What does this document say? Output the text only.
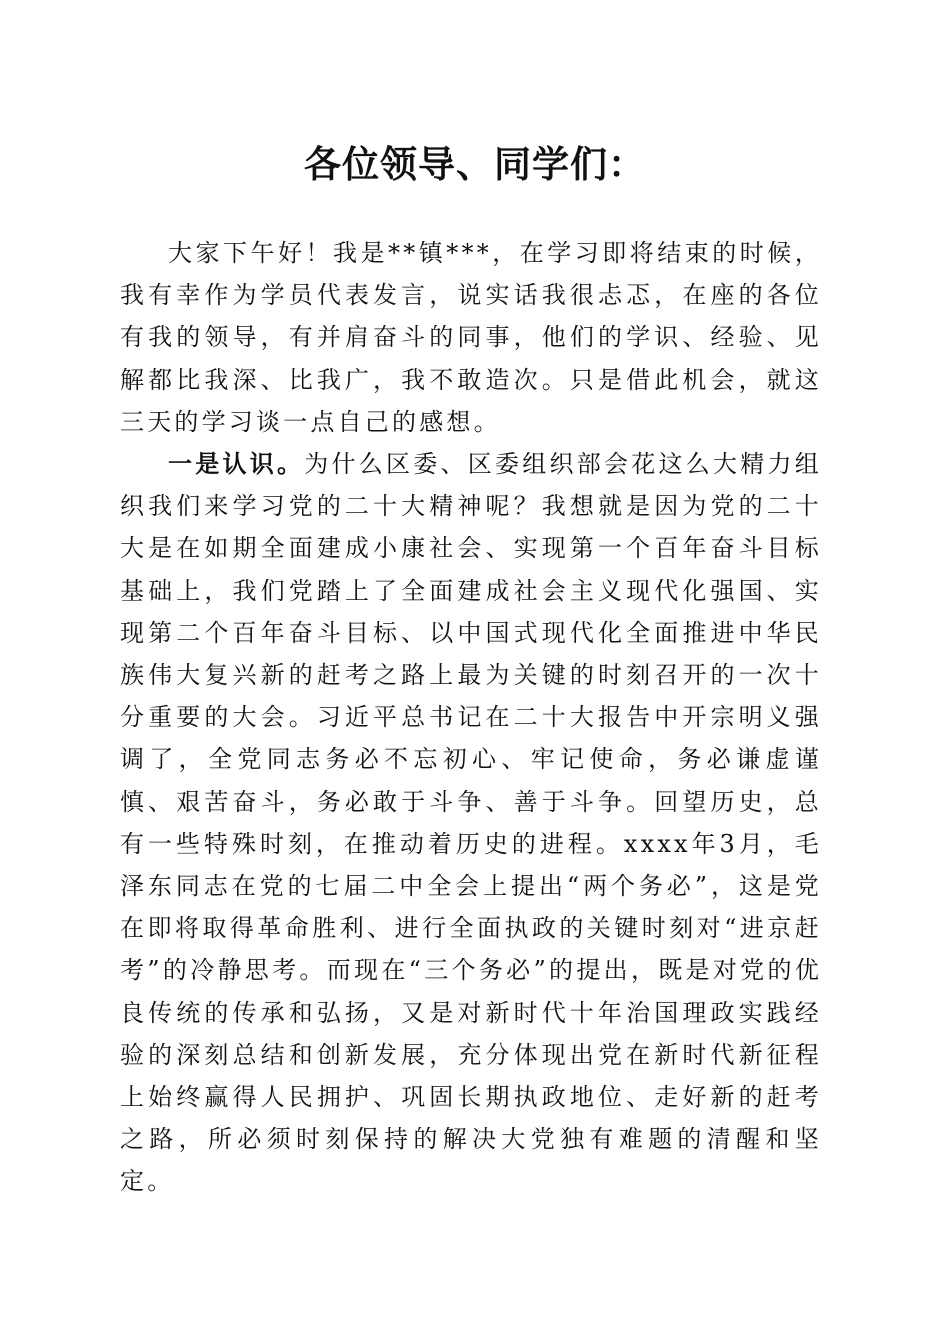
各位领导、同学们：

大家下午好！我是**镇***，在学习即将结束的时候，我有幸作为学员代表发言，说实话我很忐忑，在座的各位有我的领导，有并肩奋斗的同事，他们的学识、经验、见解都比我深、比我广，我不敢造次。只是借此机会，就这三天的学习谈一点自己的感想。

一是认识。为什么区委、区委组织部会花这么大精力组织我们来学习党的二十大精神呢？我想就是因为党的二十大是在如期全面建成小康社会、实现第一个百年奋斗目标基础上，我们党踏上了全面建成社会主义现代化强国、实现第二个百年奋斗目标、以中国式现代化全面推进中华民族伟大复兴新的赶考之路上最为关键的时刻召开的一次十分重要的大会。习近平总书记在二十大报告中开宗明义强调了，全党同志务必不忘初心、牢记使命，务必谦虚谨慎、艰苦奋斗，务必敢于斗争、善于斗争。回望历史，总有一些特殊时刻，在推动着历史的进程。xxxx年3月，毛泽东同志在党的七届二中全会上提出“两个务必”，这是党在即将取得革命胜利、进行全面执政的关键时刻对“进京赶考”的冷静思考。而现在“三个务必”的提出，既是对党的优良传统的传承和弘扬，又是对新时代十年治国理政实践经验的深刻总结和创新发展，充分体现出党在新时代新征程上始终赢得人民拥护、巩固长期执政地位、走好新的赶考之路，所必须时刻保持的解决大党独有难题的清醒和坚定。
